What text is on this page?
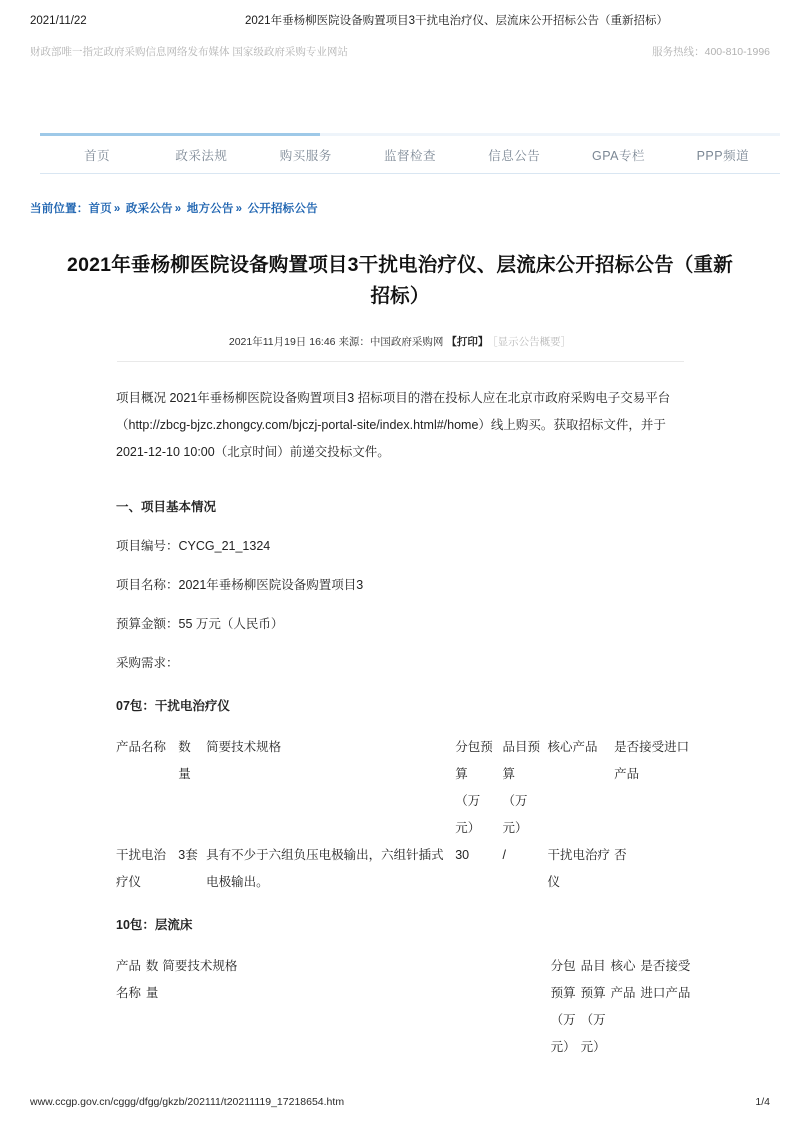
2021/11/22	2021年垂杨柳医院设备购置项目3干扰电治疗仪、层流床公开招标公告（重新招标）
财政部唯一指定政府采购信息网络发布媒体 国家级政府采购专业网站	服务热线：400-810-1996
首页	政采法规	购买服务	监督检查	信息公告	GPA专栏	PPP频道
当前位置：首页 » 政采公告 » 地方公告 » 公开招标公告
2021年垂杨柳医院设备购置项目3干扰电治疗仪、层流床公开招标公告（重新招标）
2021年11月19日 16:46 来源：中国政府采购网 【打印】 ［显示公告概要］
项目概况 2021年垂杨柳医院设备购置项目3 招标项目的潜在投标人应在北京市政府采购电子交易平台
（http://zbcg-bjzc.zhongcy.com/bjczj-portal-site/index.html#/home）线上购买。获取招标文件，并于
2021-12-10 10:00（北京时间）前递交投标文件。
一、项目基本情况
项目编号：CYCG_21_1324
项目名称：2021年垂杨柳医院设备购置项目3
预算金额：55 万元（人民币）
采购需求：
07包：干扰电治疗仪
产品名称	数量	简要技术规格	分包预算	品目预算	核心产品	是否接受进口产品
			（万元）	（万元）		
干扰电治疗仪	3套	具有不少于六组负压电极输出，六组针插式电极输出。	30	/	干扰电治疗仪	否
10包：层流床
产品名称	数量	简要技术规格	分包预算	品目预算	核心产品	是否接受进口产品
			（万元）	（万元）		
www.ccgp.gov.cn/cggg/dfgg/gkzb/202111/t20211119_17218654.htm	1/4
